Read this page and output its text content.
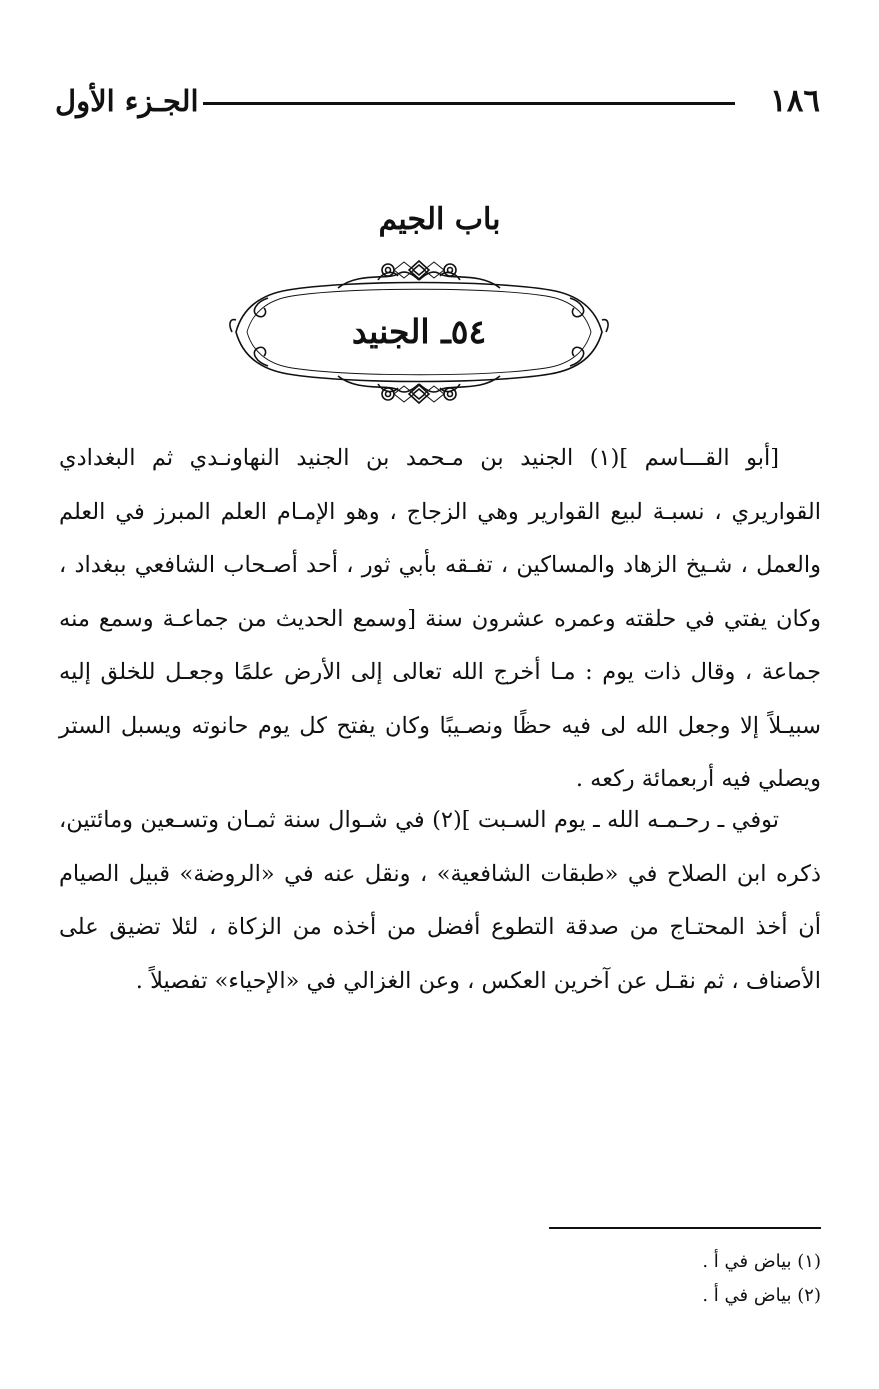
١٨٦
الجـزء الأول
باب الجيم
٥٤ـ الجنيد

[أبو القـــاسم ](١) الجنيد بن مـحمد بن الجنيد النهاونـدي ثم البغدادي القواريري ، نسبـة لبيع القوارير وهي الزجاج ، وهو الإمـام العلم المبرز في العلم والعمل ، شـيخ الزهاد والمساكين ، تفـقه بأبي ثور ، أحد أصـحاب الشافعي ببغداد ، وكان يفتي في حلقته وعمره عشرون سنة [وسمع الحديث من جماعـة وسمع منه جماعة ، وقال ذات يوم : مـا أخرج الله تعالى إلى الأرض علمًا وجعـل للخلق إليه سبيـلاً إلا وجعل الله لى فيه حظًا ونصـيبًا وكان يفتح كل يوم حانوته ويسبل الستر ويصلي فيه أربعمائة ركعه .

توفي ـ رحـمـه الله ـ يوم السـبت ](٢) في شـوال سنة ثمـان وتسـعين ومائتين، ذكره ابن الصلاح في «طبقات الشافعية» ، ونقل عنه في «الروضة» قبيل الصيام أن أخذ المحتـاج من صدقة التطوع أفضل من أخذه من الزكاة ، لئلا تضيق على الأصناف ، ثم نقـل عن آخرين العكس ، وعن الغزالي في «الإحياء» تفصيلاً .

(١) بياض في أ .
(٢) بياض في أ .
